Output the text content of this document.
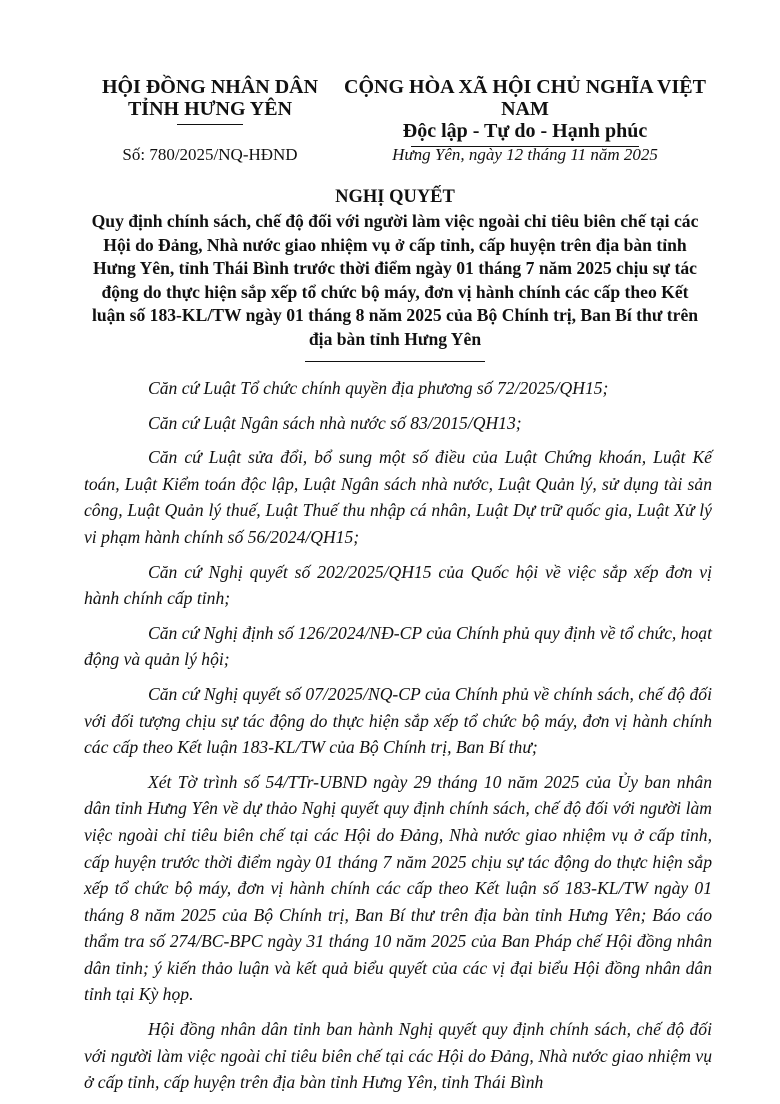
HỘI ĐỒNG NHÂN DÂN

TỈNH HƯNG YÊN

CỘNG HÒA XÃ HỘI CHỦ NGHĨA VIỆT NAM

Độc lập - Tự do - Hạnh phúc

Số: 780/2025/NQ-HĐND	Hưng Yên, ngày 12 tháng 11 năm 2025

NGHỊ QUYẾT

Quy định chính sách, chế độ đối với người làm việc ngoài chỉ tiêu biên chế tại các Hội do Đảng, Nhà nước giao nhiệm vụ ở cấp tỉnh, cấp huyện trên địa bàn tỉnh Hưng Yên, tỉnh Thái Bình trước thời điểm ngày 01 tháng 7 năm 2025 chịu sự tác động do thực hiện sắp xếp tổ chức bộ máy, đơn vị hành chính các cấp theo Kết luận số 183-KL/TW ngày 01 tháng 8 năm 2025 của Bộ Chính trị, Ban Bí thư trên địa bàn tỉnh Hưng Yên

Căn cứ Luật Tổ chức chính quyền địa phương số 72/2025/QH15;

Căn cứ Luật Ngân sách nhà nước số 83/2015/QH13;

Căn cứ Luật sửa đổi, bổ sung một số điều của Luật Chứng khoán, Luật Kế toán, Luật Kiểm toán độc lập, Luật Ngân sách nhà nước, Luật Quản lý, sử dụng tài sản công, Luật Quản lý thuế, Luật Thuế thu nhập cá nhân, Luật Dự trữ quốc gia, Luật Xử lý vi phạm hành chính số 56/2024/QH15;

Căn cứ Nghị quyết số 202/2025/QH15 của Quốc hội về việc sắp xếp đơn vị hành chính cấp tỉnh;

Căn cứ Nghị định số 126/2024/NĐ-CP của Chính phủ quy định về tổ chức, hoạt động và quản lý hội;

Căn cứ Nghị quyết số 07/2025/NQ-CP của Chính phủ về chính sách, chế độ đối với đối tượng chịu sự tác động do thực hiện sắp xếp tổ chức bộ máy, đơn vị hành chính các cấp theo Kết luận 183-KL/TW của Bộ Chính trị, Ban Bí thư;

Xét Tờ trình số 54/TTr-UBND ngày 29 tháng 10 năm 2025 của Ủy ban nhân dân tỉnh Hưng Yên về dự thảo Nghị quyết quy định chính sách, chế độ đối với người làm việc ngoài chỉ tiêu biên chế tại các Hội do Đảng, Nhà nước giao nhiệm vụ ở cấp tỉnh, cấp huyện trước thời điểm ngày 01 tháng 7 năm 2025 chịu sự tác động do thực hiện sắp xếp tổ chức bộ máy, đơn vị hành chính các cấp theo Kết luận số 183-KL/TW ngày 01 tháng 8 năm 2025 của Bộ Chính trị, Ban Bí thư trên địa bàn tỉnh Hưng Yên; Báo cáo thẩm tra số 274/BC-BPC ngày 31 tháng 10 năm 2025 của Ban Pháp chế Hội đồng nhân dân tỉnh; ý kiến thảo luận và kết quả biểu quyết của các vị đại biểu Hội đồng nhân dân tỉnh tại Kỳ họp.

Hội đồng nhân dân tỉnh ban hành Nghị quyết quy định chính sách, chế độ đối với người làm việc ngoài chỉ tiêu biên chế tại các Hội do Đảng, Nhà nước giao nhiệm vụ ở cấp tỉnh, cấp huyện trên địa bàn tỉnh Hưng Yên, tỉnh Thái Bình
